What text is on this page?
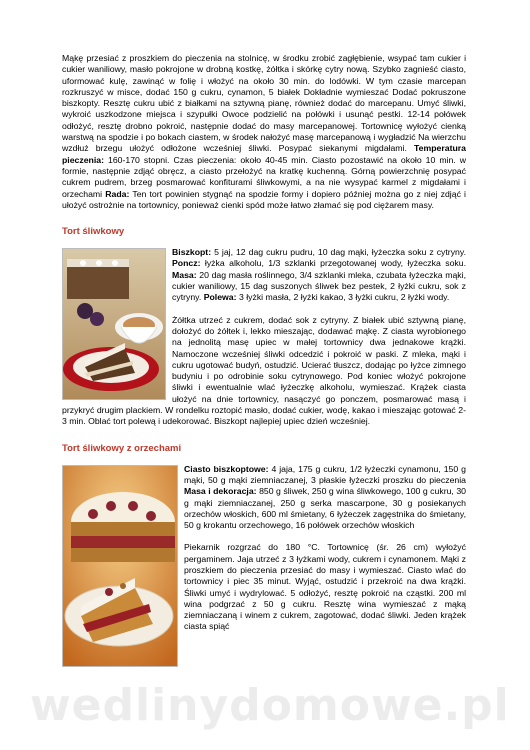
Mąkę przesiać z proszkiem do pieczenia na stolnicę, w środku zrobić zagłębienie, wsypać tam cukier i cukier waniliowy, masło pokrojone w drobną kostkę, żółtka i skórkę cytry nową. Szybko zagnieść ciasto, uformować kulę, zawinąć w folię i włożyć na około 30 min. do lodówki. W tym czasie marcepan rozkruszyć w misce, dodać 150 g cukru, cynamon, 5 białek Dokładnie wymieszać Dodać pokruszone biszkopty. Resztę cukru ubić z białkami na sztywną pianę, również dodać do marcepanu. Umyć śliwki, wykroić uszkodzone miejsca i szypułki Owoce podzielić na połówki i usunąć pestki. 12-14 połówek odłożyć, resztę drobno pokroić, następnie dodać do masy marcepanowej. Tortownicę wyłożyć cienką warstwą na spodzie i po bokach ciastem, w środek nałożyć masę marcepanową i wygładzić Na wierzchu wzdłuż brzegu ułożyć odłożone wcześniej śliwki. Posypać siekanymi migdałami. Temperatura pieczenia: 160-170 stopni. Czas pieczenia: około 40-45 min. Ciasto pozostawić na około 10 min. w formie, następnie zdjąć obręcz, a ciasto przełożyć na kratkę kuchenną. Górną powierzchnię posypać cukrem pudrem, brzeg posmarować konfiturami śliwkowymi, a na nie wysypać karmel z migdałami i orzechami Rada: Ten tort powinien stygnąć na spodzie formy i dopiero później można go z niej zdjąć i ułożyć ostrożnie na tortownicy, ponieważ cienki spód może łatwo złamać się pod ciężarem masy.

Tort śliwkowy

Biszkopt: 5 jaj, 12 dag cukru pudru, 10 dag mąki, łyżeczka soku z cytryny. Poncz: łyżka alkoholu, 1/3 szklanki przegotowanej wody, łyżeczka soku. Masa: 20 dag masła roślinnego, 3/4 szklanki mleka, czubata łyżeczka mąki, cukier waniliowy, 15 dag suszonych śliwek bez pestek, 2 łyżki cukru, sok z cytryny. Polewa: 3 łyżki masła, 2 łyżki kakao, 3 łyżki cukru, 2 łyżki wody.

Żółtka utrzeć z cukrem, dodać sok z cytryny. Z białek ubić sztywną pianę, dołożyć do żółtek i, lekko mieszając, dodawać mąkę. Z ciasta wyrobionego na jednolitą masę upiec w małej tortownicy dwa jednakowe krążki. Namoczone wcześniej śliwki odcedzić i pokroić w paski. Z mleka, mąki i cukru ugotować budyń, ostudzić. Ucierać tłuszcz, dodając po łyżce zimnego budyniu i po odrobinie soku cytrynowego. Pod koniec włożyć pokrojone śliwki i ewentualnie wlać łyżeczkę alkoholu, wymieszać. Krążek ciasta ułożyć na dnie tortownicy, nasączyć go ponczem, posmarować masą i przykryć drugim plackiem. W rondelku roztopić masło, dodać cukier, wodę, kakao i mieszając gotować 2-3 min. Oblać tort polewą i udekorować. Biszkopt najlepiej upiec dzień wcześniej.

Tort śliwkowy z orzechami

Ciasto biszkoptowe: 4 jaja, 175 g cukru, 1/2 łyżeczki cynamonu, 150 g mąki, 50 g mąki ziemniaczanej, 3 płaskie łyżeczki proszku do pieczenia Masa i dekoracja: 850 g śliwek, 250 g wina śliwkowego, 100 g cukru, 30 g mąki ziemniaczanej, 250 g serka mascarpone, 30 g posiekanych orzechów włoskich, 600 ml śmietany, 6 łyżeczek zagęstnika do śmietany, 50 g krokantu orzechowego, 16 połówek orzechów włoskich

Piekarnik rozgrzać do 180 °C. Tortownicę (śr. 26 cm) wyłożyć pergaminem. Jaja utrzeć z 3 łyżkami wody, cukrem i cynamonem. Mąki z proszkiem do pieczenia przesiać do masy i wymieszać. Ciasto wlać do tortownicy i piec 35 minut. Wyjąć, ostudzić i przekroić na dwa krążki. Śliwki umyć i wydrylować. 5 odłożyć, resztę pokroić na cząstki. 200 ml wina podgrzać z 50 g cukru. Resztę wina wymieszać z mąką ziemniaczaną i winem z cukrem, zagotować, dodać śliwki. Jeden krążek ciasta spiąć

wedlinydomowe.pl
